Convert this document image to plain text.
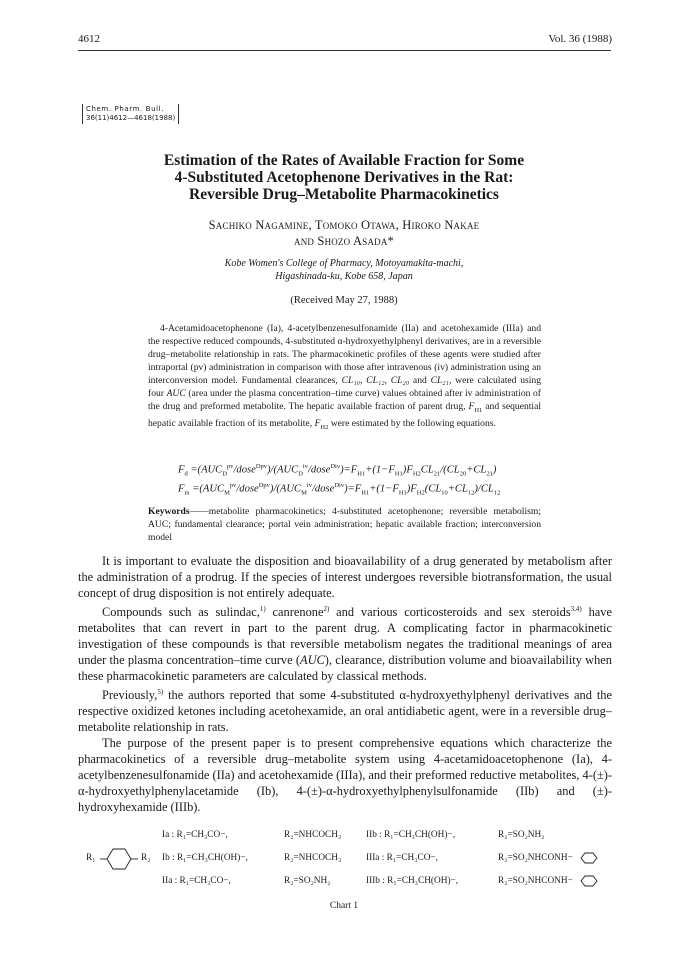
4612	Vol. 36 (1988)
Chem. Pharm. Bull.
36(11)4612—4618(1988)
Estimation of the Rates of Available Fraction for Some
4-Substituted Acetophenone Derivatives in the Rat:
Reversible Drug–Metabolite Pharmacokinetics
Sachiko Nagamine, Tomoko Otawa, Hiroko Nakae
and Shozo Asada*
Kobe Women's College of Pharmacy, Motoyamakita-machi,
Higashinada-ku, Kobe 658, Japan
(Received May 27, 1988)

4-Acetamidoacetophenone (Ia), 4-acetylbenzenesulfonamide (IIa) and acetohexamide (IIIa) and the respective reduced compounds, 4-substituted α-hydroxyethylphenyl derivatives, are in a reversible drug–metabolite relationship in rats. The pharmacokinetic profiles of these agents were studied after intraportal (pv) administration in comparison with those after intravenous (iv) administration using an interconversion model. Fundamental clearances, CL₁₀, CL₁₂, CL₂₀ and CL₂₁, were calculated using four AUC (area under the plasma concentration–time curve) values obtained after iv administration of the drug and preformed metabolite. The hepatic available fraction of parent drug, $F_{H1}$ and sequential hepatic available fraction of its metabolite, $F_{H2}$ were estimated by the following equations.

$F_d$ $=(AUC_D^{pv}/dose^{Dpv})/(AUC_D^{iv}/dose^{Div})=F_{H1}+(1-F_{H1})F_{H2}CL_{21}/(CL_{20}+CL_{21})$
$F_m$ $=(AUC_M^{pv}/dose^{Dpv})/(AUC_M^{iv}/dose^{Div})=F_{H1}+(1-F_{H1})F_{H2}(CL_{10}+CL_{12})/CL_{12}$
Keywords——metabolite pharmacokinetics; 4-substituted acetophenone; reversible metabolism; AUC; fundamental clearance; portal vein administration; hepatic available fraction; interconversion model

It is important to evaluate the disposition and bioavailability of a drug generated by metabolism after the administration of a prodrug. If the species of interest undergoes reversible biotransformation, the usual concept of drug disposition is not entirely adequate.

Compounds such as sulindac,$^{1)}$ canrenone$^{2)}$ and various corticosteroids and sex steroids$^{3,4)}$ have metabolites that can revert in part to the parent drug. A complicating factor in pharmacokinetic investigation of these compounds is that reversible metabolism negates the traditional meanings of area under the plasma concentration–time curve (AUC), clearance, distribution volume and bioavailability when these pharmacokinetic parameters are calculated by classical methods.

Previously,$^{5)}$ the authors reported that some 4-substituted α-hydroxyethylphenyl derivatives and the respective oxidized ketones including acetohexamide, an oral antidiabetic agent, were in a reversible drug–metabolite relationship in rats.

The purpose of the present paper is to present comprehensive equations which characterize the pharmacokinetics of a reversible drug–metabolite system using 4-acetamidoacetophenone (Ia), 4-acetylbenzenesulfonamide (IIa) and acetohexamide (IIIa), and their preformed reductive metabolites, 4-(±)-α-hydroxyethylphenylacetamide (Ib), 4-(±)-α-hydroxyethylphenylsulfonamide (IIb) and (±)-hydroxyhexamide (IIIb).

R₁	R₂
Ia : R₁=CH₃CO−,	R₂=NHCOCH₃	IIb : R₁=CH₃CH(OH)−,	R₂=SO₂NH₂
Ib : R₁=CH₃CH(OH)−,	R₂=NHCOCH₃	IIIa : R₁=CH₃CO−,	R₂=SO₂NHCONH−
IIa : R₁=CH₃CO−,	R₂=SO₂NH₂	IIIb : R₁=CH₃CH(OH)−,	R₂=SO₂NHCONH−
Chart 1
